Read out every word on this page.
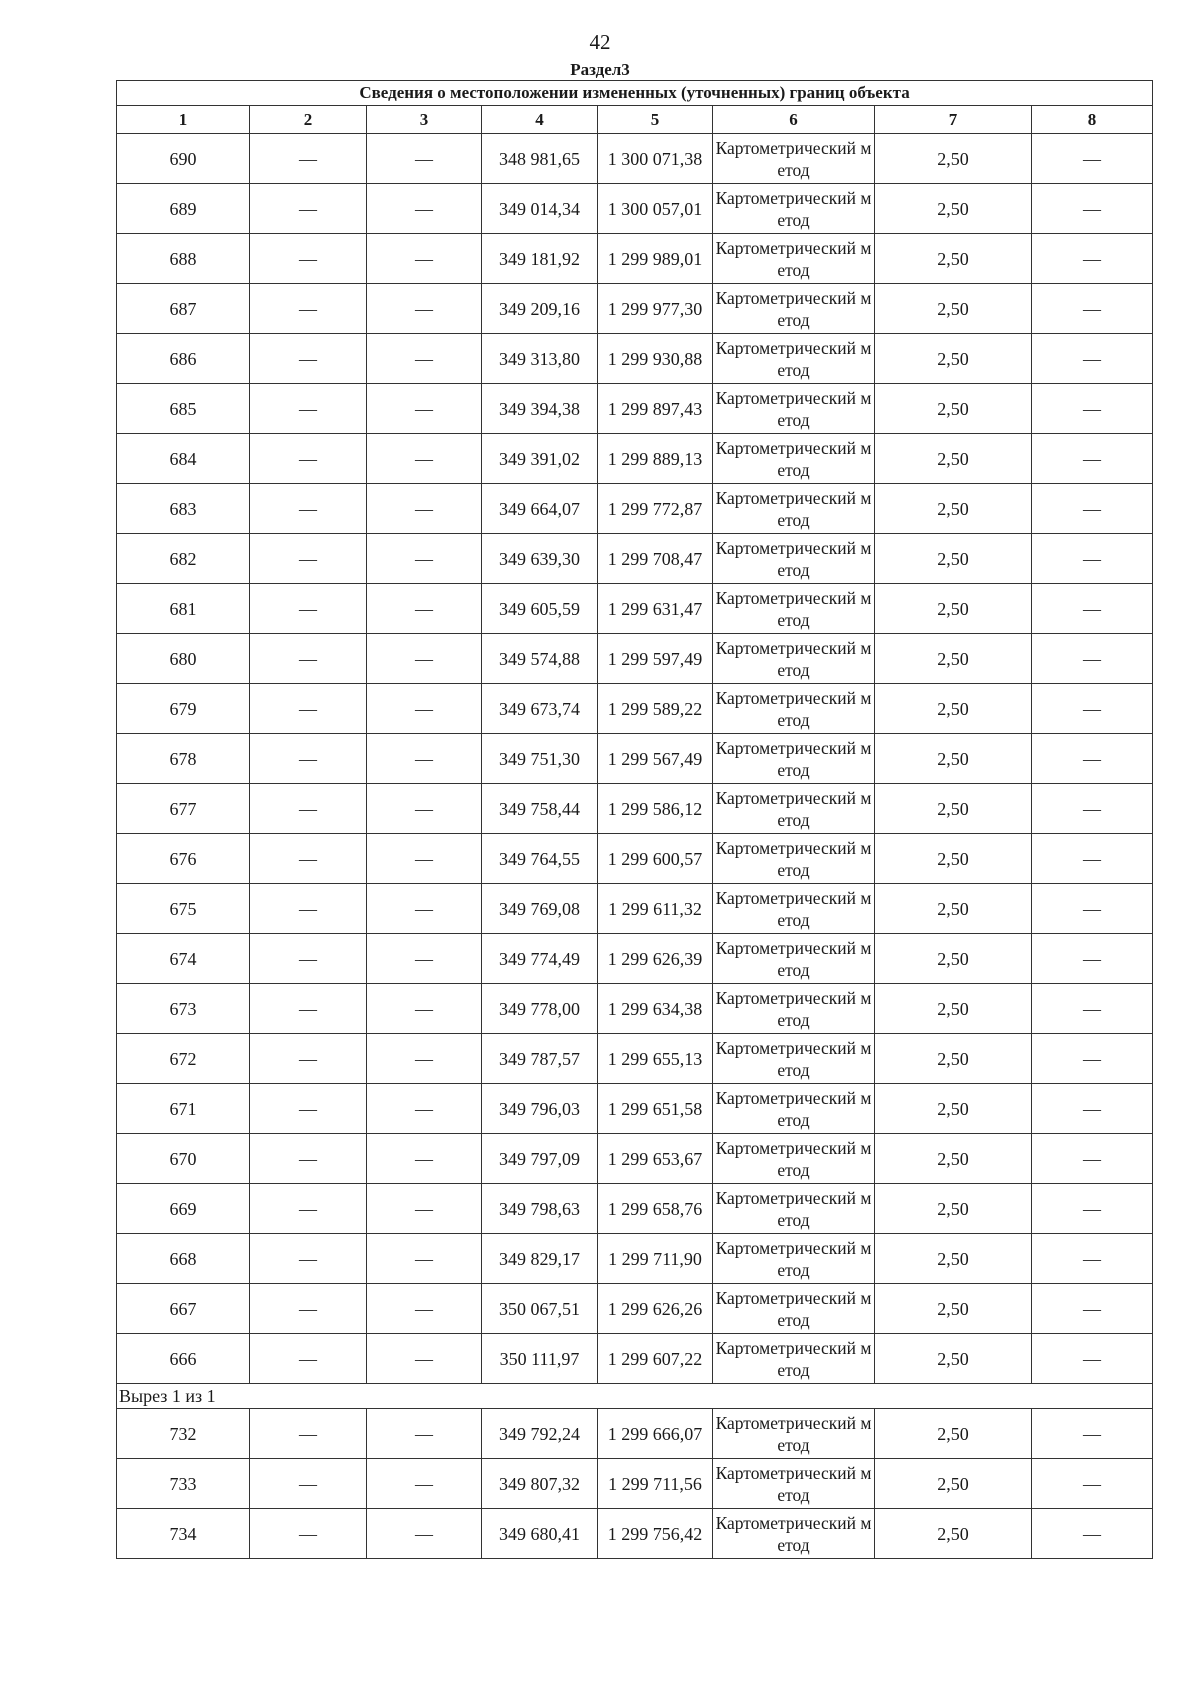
42
Раздел3
Сведения о местоположении измененных (уточненных) границ объекта							
1	2	3	4	5	6	7	8
690	—	—	348 981,65	1 300 071,38	Картометрический метод	2,50	—
689	—	—	349 014,34	1 300 057,01	Картометрический метод	2,50	—
688	—	—	349 181,92	1 299 989,01	Картометрический метод	2,50	—
687	—	—	349 209,16	1 299 977,30	Картометрический метод	2,50	—
686	—	—	349 313,80	1 299 930,88	Картометрический метод	2,50	—
685	—	—	349 394,38	1 299 897,43	Картометрический метод	2,50	—
684	—	—	349 391,02	1 299 889,13	Картометрический метод	2,50	—
683	—	—	349 664,07	1 299 772,87	Картометрический метод	2,50	—
682	—	—	349 639,30	1 299 708,47	Картометрический метод	2,50	—
681	—	—	349 605,59	1 299 631,47	Картометрический метод	2,50	—
680	—	—	349 574,88	1 299 597,49	Картометрический метод	2,50	—
679	—	—	349 673,74	1 299 589,22	Картометрический метод	2,50	—
678	—	—	349 751,30	1 299 567,49	Картометрический метод	2,50	—
677	—	—	349 758,44	1 299 586,12	Картометрический метод	2,50	—
676	—	—	349 764,55	1 299 600,57	Картометрический метод	2,50	—
675	—	—	349 769,08	1 299 611,32	Картометрический метод	2,50	—
674	—	—	349 774,49	1 299 626,39	Картометрический метод	2,50	—
673	—	—	349 778,00	1 299 634,38	Картометрический метод	2,50	—
672	—	—	349 787,57	1 299 655,13	Картометрический метод	2,50	—
671	—	—	349 796,03	1 299 651,58	Картометрический метод	2,50	—
670	—	—	349 797,09	1 299 653,67	Картометрический метод	2,50	—
669	—	—	349 798,63	1 299 658,76	Картометрический метод	2,50	—
668	—	—	349 829,17	1 299 711,90	Картометрический метод	2,50	—
667	—	—	350 067,51	1 299 626,26	Картометрический метод	2,50	—
666	—	—	350 111,97	1 299 607,22	Картометрический метод	2,50	—
Вырез 1 из 1							
732	—	—	349 792,24	1 299 666,07	Картометрический метод	2,50	—
733	—	—	349 807,32	1 299 711,56	Картометрический метод	2,50	—
734	—	—	349 680,41	1 299 756,42	Картометрический метод	2,50	—
